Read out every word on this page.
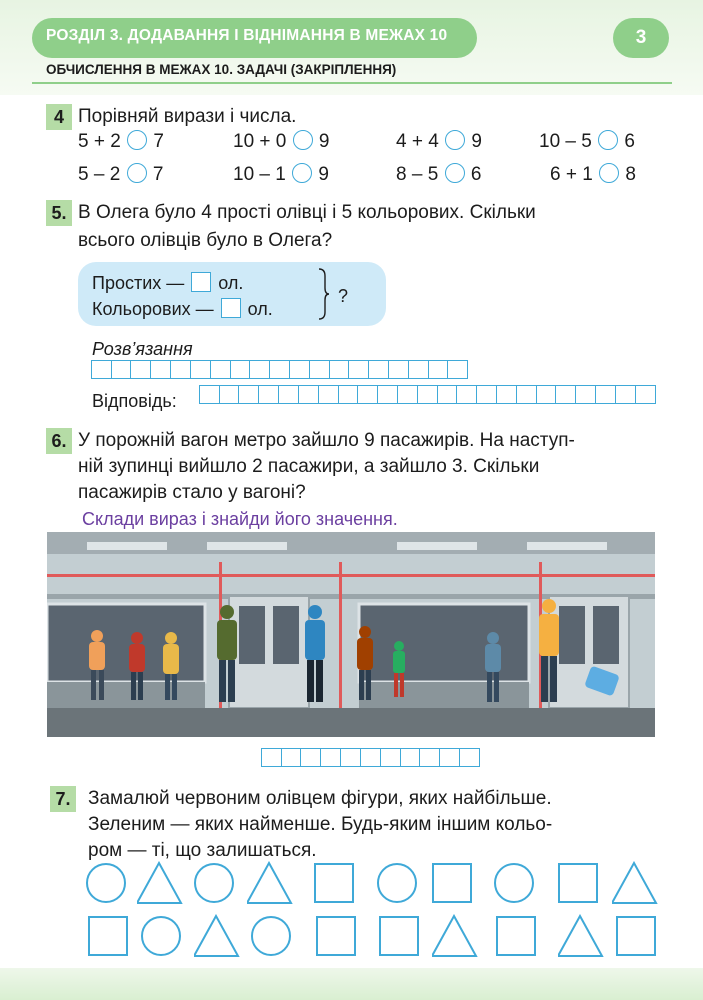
РОЗДІЛ 3. ДОДАВАННЯ І ВІДНІМАННЯ В МЕЖАХ 10	3
ОБЧИСЛЕННЯ В МЕЖАХ 10. ЗАДАЧІ (ЗАКРІПЛЕННЯ)
4 Порівняй вирази і числа.
5 + 2 7	10 + 0 9	4 + 4 9	10 – 5 6
5 – 2 7	10 – 1 9	8 – 5 6	6 + 1 8
5. В Олега було 4 прості олівці і 5 кольорових. Скільки
всього олівців було в Олега?
Простих — ол.
Кольорових — ол.
?
Розв’язання
Відповідь:
6. У порожній вагон метро зайшло 9 пасажирів. На наступ-
ній зупинці вийшло 2 пасажири, а зайшло 3. Скільки
пасажирів стало у вагоні?
Склади вираз і знайди його значення.
7. Замалюй червоним олівцем фігури, яких найбільше.
Зеленим — яких найменше. Будь-яким іншим кольо-
ром — ті, що залишаться.
